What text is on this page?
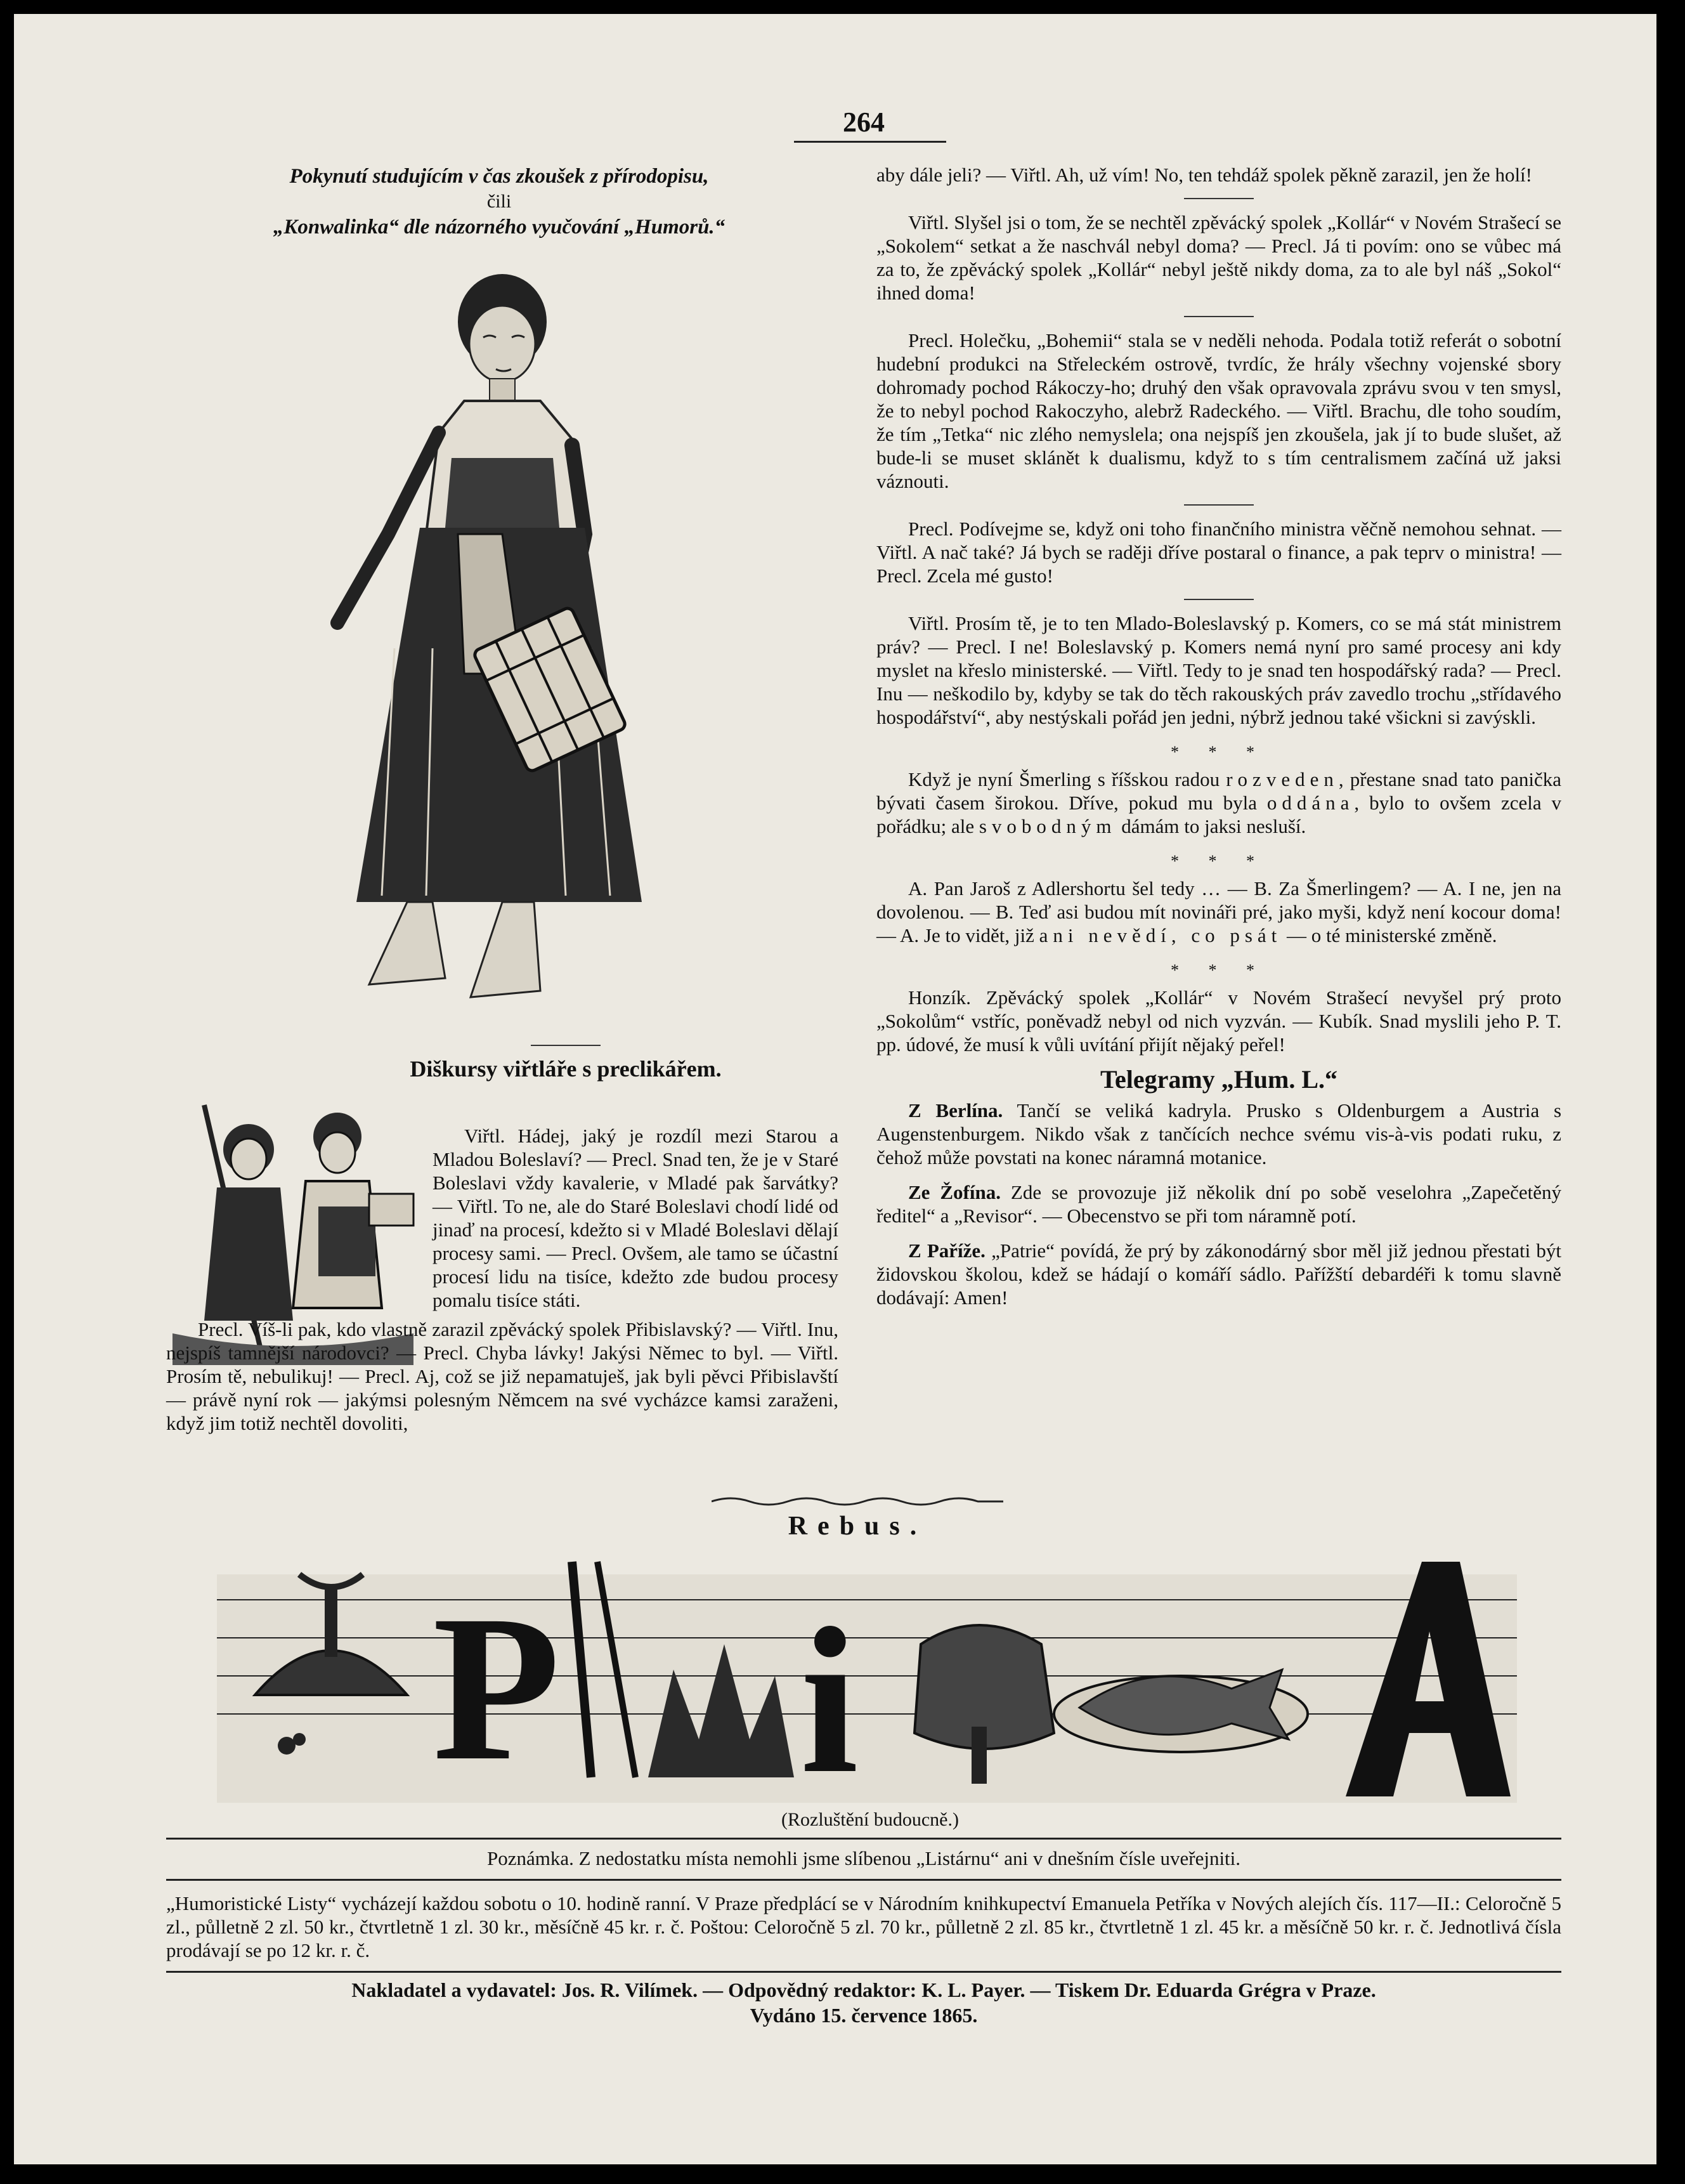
264
Pokynutí studujícím v čas zkoušek z přírodopisu,
čili
„Konwalinka“ dle názorného vyučování „Humorů.“
Diškursy viřtláře s preclikářem.

Viřtl. Hádej, jaký je rozdíl mezi Starou a Mladou Boleslaví? — Precl. Snad ten, že je v Staré Boleslavi vždy kavalerie, v Mladé pak šarvátky? — Viřtl. To ne, ale do Staré Boleslavi chodí lidé od jinaď na procesí, kdežto si v Mladé Boleslavi dělají procesy sami. — Precl. Ovšem, ale tamo se účastní procesí lidu na tisíce, kdežto zde budou procesy pomalu tisíce státi.

Precl. Víš-li pak, kdo vlastně zarazil zpěvácký spolek Přibislavský? — Viřtl. Inu, nejspíš tamnější národovci? — Precl. Chyba lávky! Jakýsi Němec to byl. — Viřtl. Prosím tě, nebulikuj! — Precl. Aj, což se již nepamatuješ, jak byli pěvci Přibislavští — právě nyní rok — jakýmsi polesným Němcem na své vycházce kamsi zaraženi, když jim totiž nechtěl dovoliti,

aby dále jeli? — Viřtl. Ah, už vím! No, ten tehdáž spolek pěkně zarazil, jen že holí!

Viřtl. Slyšel jsi o tom, že se nechtěl zpěvácký spolek „Kollár“ v Novém Strašecí se „Sokolem“ setkat a že naschvál nebyl doma? — Precl. Já ti povím: ono se vůbec má za to, že zpěvácký spolek „Kollár“ nebyl ještě nikdy doma, za to ale byl náš „Sokol“ ihned doma!

Precl. Holečku, „Bohemii“ stala se v neděli nehoda. Podala totiž referát o sobotní hudební produkci na Střeleckém ostrově, tvrdíc, že hrály všechny vojenské sbory dohromady pochod Rákoczy-ho; druhý den však opravovala zprávu svou v ten smysl, že to nebyl pochod Rakoczyho, alebrž Radeckého. — Viřtl. Brachu, dle toho soudím, že tím „Tetka“ nic zlého nemyslela; ona nejspíš jen zkoušela, jak jí to bude slušet, až bude-li se muset sklánět k dualismu, když to s tím centralismem začíná už jaksi váznouti.

Precl. Podívejme se, když oni toho finančního ministra věčně nemohou sehnat. — Viřtl. A nač také? Já bych se raději dříve postaral o finance, a pak teprv o ministra! — Precl. Zcela mé gusto!

Viřtl. Prosím tě, je to ten Mlado-Boleslavský p. Komers, co se má stát ministrem práv? — Precl. I ne! Boleslavský p. Komers nemá nyní pro samé procesy ani kdy myslet na křeslo ministerské. — Viřtl. Tedy to je snad ten hospodářský rada? — Precl. Inu — neškodilo by, kdyby se tak do těch rakouských práv zavedlo trochu „střídavého hospodářství“, aby nestýskali pořád jen jedni, nýbrž jednou také všickni si zavýskli.

* * *

Když je nyní Šmerling s říšskou radou rozveden, přestane snad tato panička bývati časem širokou. Dříve, pokud mu byla oddána, bylo to ovšem zcela v pořádku; ale svobodným dámám to jaksi nesluší.

* * *

A. Pan Jaroš z Adlershortu šel tedy … — B. Za Šmerlingem? — A. I ne, jen na dovolenou. — B. Teď asi budou mít novináři pré, jako myši, když není kocour doma! — A. Je to vidět, již ani nevědí, co psát — o té ministerské změně.

* * *

Honzík. Zpěvácký spolek „Kollár“ v Novém Strašecí nevyšel prý proto „Sokolům“ vstříc, poněvadž nebyl od nich vyzván. — Kubík. Snad myslili jeho P. T. pp. údové, že musí k vůli uvítání přijít nějaký peřel!

Telegramy „Hum. L.“

Z Berlína. Tančí se veliká kadryla. Prusko s Oldenburgem a Austria s Augenstenburgem. Nikdo však z tančících nechce svému vis-à-vis podati ruku, z čehož může povstati na konec náramná motanice.

Ze Žofína. Zde se provozuje již několik dní po sobě veselohra „Zapečetěný ředitel“ a „Revisor“. — Obecenstvo se při tom náramně potí.

Z Paříže. „Patrie“ povídá, že prý by zákonodárný sbor měl již jednou přestati být židovskou školou, kdež se hádají o komáří sádlo. Pařížští debardéři k tomu slavně dodávají: Amen!

Rebus.
P i
(Rozluštění budoucně.)
Poznámka. Z nedostatku místa nemohli jsme slíbenou „Listárnu“ ani v dnešním čísle uveřejniti.
„Humoristické Listy“ vycházejí každou sobotu o 10. hodině ranní. V Praze předplácí se v Národním knihkupectví Emanuela Petříka v Nových alejích čís. 117—II.: Celoročně 5 zl., půlletně 2 zl. 50 kr., čtvrtletně 1 zl. 30 kr., měsíčně 45 kr. r. č. Poštou: Celoročně 5 zl. 70 kr., půlletně 2 zl. 85 kr., čtvrtletně 1 zl. 45 kr. a měsíčně 50 kr. r. č. Jednotlivá čísla prodávají se po 12 kr. r. č.
Nakladatel a vydavatel: Jos. R. Vilímek. — Odpovědný redaktor: K. L. Payer. — Tiskem Dr. Eduarda Grégra v Praze.
Vydáno 15. července 1865.
